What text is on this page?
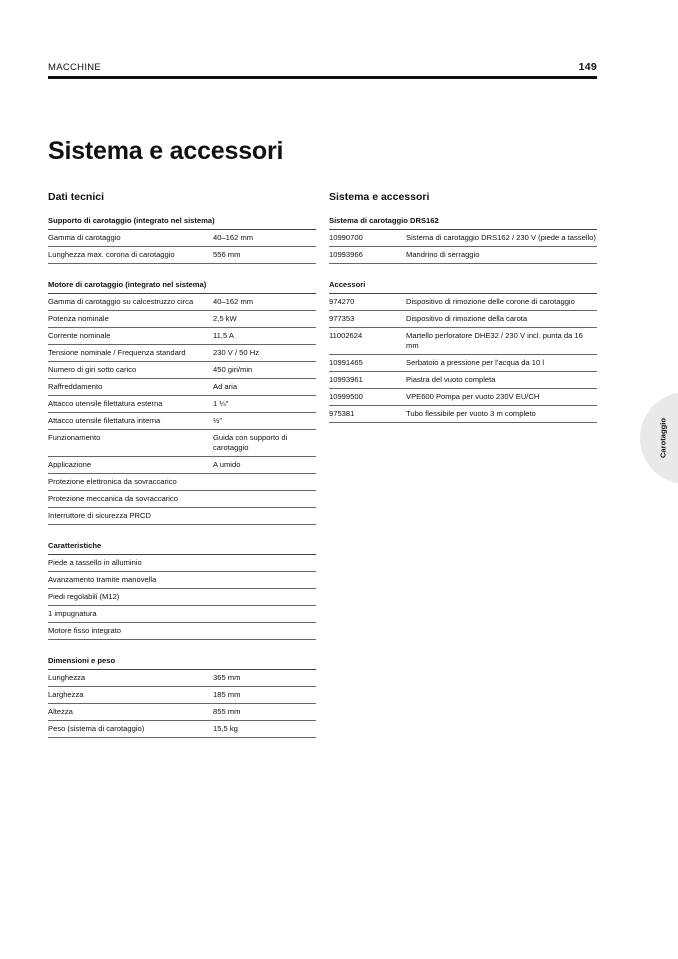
MACCHINE	149
Sistema e accessori
Dati tecnici
Supporto di carotaggio (integrato nel sistema)
Gamma di carotaggio	40–162 mm
Lunghezza max. corona di carotaggio	556 mm
Motore di carotaggio (integrato nel sistema)
Gamma di carotaggio su calcestruzzo circa	40–162 mm
Potenza nominale	2,5 kW
Corrente nominale	11,5 A
Tensione nominale / Frequenza standard	230 V / 50 Hz
Numero di giri sotto carico	450 giri/min
Raffreddamento	Ad aria
Attacco utensile filettatura esterna	1 ¼"
Attacco utensile filettatura interna	½"
Funzionamento	Guida con supporto di carotaggio
Applicazione	A umido
Protezione elettronica da sovraccarico
Protezione meccanica da sovraccarico
Interruttore di sicurezza PRCD
Caratteristiche
Piede a tassello in alluminio
Avanzamento tramite manovella
Piedi regolabili (M12)
1 impugnatura
Motore fisso integrato
Dimensioni e peso
Lunghezza	365 mm
Larghezza	185 mm
Altezza	855 mm
Peso (sistema di carotaggio)	15,5 kg
Sistema e accessori
Sistema di carotaggio DRS162
10990700	Sistema di carotaggio DRS162 / 230 V (piede a tassello)
10993966	Mandrino di serraggio
Accessori
974270	Dispositivo di rimozione delle corone di carotaggio
977353	Dispositivo di rimozione della carota
11002624	Martello perforatore DHE32 / 230 V incl. punta da 16 mm
10991465	Serbatoio a pressione per l’acqua da 10 l
10993961	Piastra del vuoto completa
10999500	VPE600 Pompa per vuoto 230V EU/CH
975381	Tubo flessibile per vuoto 3 m completo
Carotaggio
